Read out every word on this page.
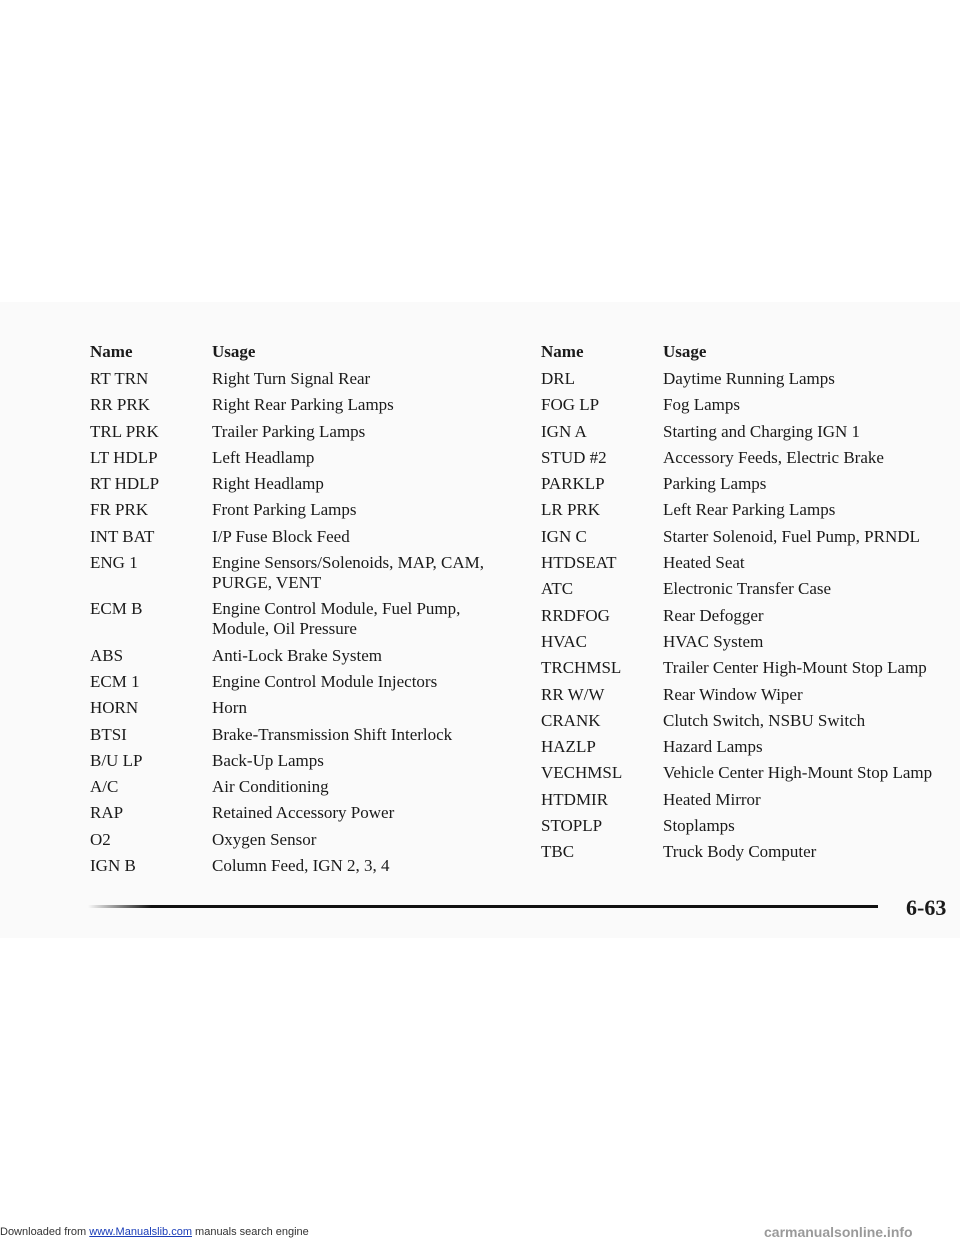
Name	Usage
RT TRN	Right Turn Signal Rear
RR PRK	Right Rear Parking Lamps
TRL PRK	Trailer Parking Lamps
LT HDLP	Left Headlamp
RT HDLP	Right Headlamp
FR PRK	Front Parking Lamps
INT BAT	I/P Fuse Block Feed
ENG 1	Engine Sensors/Solenoids, MAP, CAM, PURGE, VENT
ECM B	Engine Control Module, Fuel Pump, Module, Oil Pressure
ABS	Anti-Lock Brake System
ECM 1	Engine Control Module Injectors
HORN	Horn
BTSI	Brake-Transmission Shift Interlock
B/U LP	Back-Up Lamps
A/C	Air Conditioning
RAP	Retained Accessory Power
O2	Oxygen Sensor
IGN B	Column Feed, IGN 2, 3, 4
Name	Usage
DRL	Daytime Running Lamps
FOG LP	Fog Lamps
IGN A	Starting and Charging IGN 1
STUD #2	Accessory Feeds, Electric Brake
PARKLP	Parking Lamps
LR PRK	Left Rear Parking Lamps
IGN C	Starter Solenoid, Fuel Pump, PRNDL
HTDSEAT	Heated Seat
ATC	Electronic Transfer Case
RRDFOG	Rear Defogger
HVAC	HVAC System
TRCHMSL	Trailer Center High-Mount Stop Lamp
RR W/W	Rear Window Wiper
CRANK	Clutch Switch, NSBU Switch
HAZLP	Hazard Lamps
VECHMSL	Vehicle Center High-Mount Stop Lamp
HTDMIR	Heated Mirror
STOPLP	Stoplamps
TBC	Truck Body Computer
6-63
Downloaded from www.Manualslib.com manuals search engine	carmanualsonline.info
